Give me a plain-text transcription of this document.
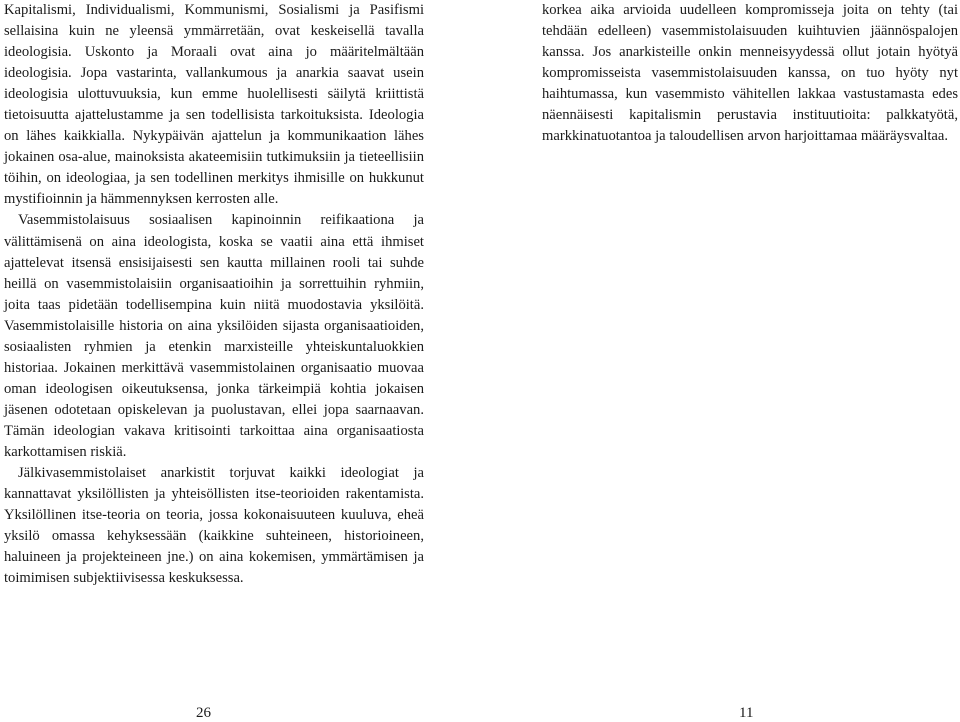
Kapitalismi, Individualismi, Kommunismi, Sosialismi ja Pasifismi sellaisina kuin ne yleensä ymmärretään, ovat keskeisellä tavalla ideologisia. Uskonto ja Moraali ovat aina jo määritelmältään ideologisia. Jopa vastarinta, vallankumous ja anarkia saavat usein ideologisia ulottuvuuksia, kun emme huolellisesti säilytä kriittistä tietoisuutta ajattelustamme ja sen todellisista tarkoituksista. Ideologia on lähes kaikkialla. Nykypäivän ajattelun ja kommunikaation lähes jokainen osa-alue, mainoksista akateemisiin tutkimuksiin ja tieteellisiin töihin, on ideologiaa, ja sen todellinen merkitys ihmisille on hukkunut mystifioinnin ja hämmennyksen kerrosten alle.

Vasemmistolaisuus sosiaalisen kapinoinnin reifikaationa ja välittämisenä on aina ideologista, koska se vaatii aina että ihmiset ajattelevat itsensä ensisijaisesti sen kautta millainen rooli tai suhde heillä on vasemmistolaisiin organisaatioihin ja sorrettuihin ryhmiin, joita taas pidetään todellisempina kuin niitä muodostavia yksilöitä. Vasemmistolaisille historia on aina yksilöiden sijasta organisaatioiden, sosiaalisten ryhmien ja etenkin marxisteille yhteiskuntaluokkien historiaa. Jokainen merkittävä vasemmistolainen organisaatio muovaa oman ideologisen oikeutuksensa, jonka tärkeimpiä kohtia jokaisen jäsenen odotetaan opiskelevan ja puolustavan, ellei jopa saarnaavan. Tämän ideologian vakava kritisointi tarkoittaa aina organisaatiosta karkottamisen riskiä.

Jälkivasemmistolaiset anarkistit torjuvat kaikki ideologiat ja kannattavat yksilöllisten ja yhteisöllisten itse-teorioiden rakentamista. Yksilöllinen itse-teoria on teoria, jossa kokonaisuuteen kuuluva, eheä yksilö omassa kehyksessään (kaikkine suhteineen, historioineen, haluineen ja projekteineen jne.) on aina kokemisen, ymmärtämisen ja toimimisen subjektiivisessa keskuksessa.

korkea aika arvioida uudelleen kompromisseja joita on tehty (tai tehdään edelleen) vasemmistolaisuuden kuihtuvien jäännöspalojen kanssa. Jos anarkisteille onkin menneisyydessä ollut jotain hyötyä kompromisseista vasemmistolaisuuden kanssa, on tuo hyöty nyt haihtumassa, kun vasemmisto vähitellen lakkaa vastustamasta edes näennäisesti kapitalismin perustavia instituutioita: palkkatyötä, markkinatuotantoa ja taloudellisen arvon harjoittamaa määräysvaltaa.

26	11
